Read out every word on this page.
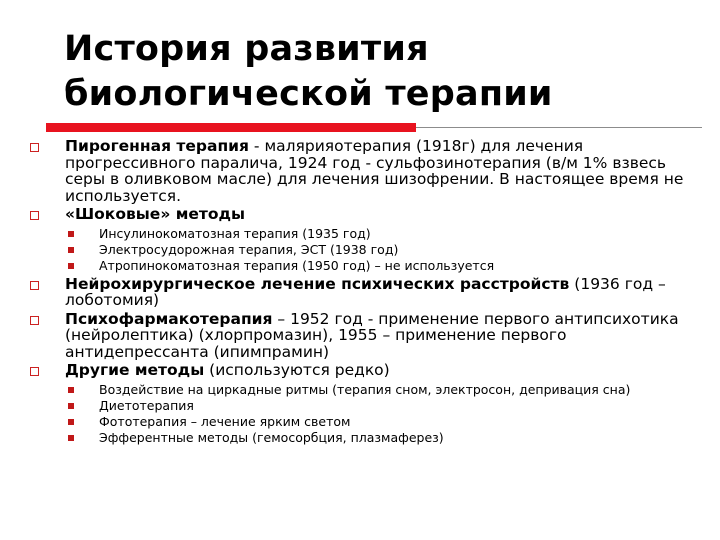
История развития
биологической терапии
Пирогенная терапия - малярияотерапия (1918г) для лечения прогрессивного паралича, 1924 год - сульфозинотерапия (в/м 1% взвесь серы в оливковом масле) для лечения шизофрении. В настоящее время не используется.
«Шоковые» методы
Инсулинокоматозная терапия (1935 год)
Электросудорожная терапия, ЭСТ (1938 год)
Атропинокоматозная терапия (1950 год) – не используется
Нейрохирургическое лечение психических расстройств (1936 год – лоботомия)
Психофармакотерапия – 1952 год - применение первого антипсихотика (нейролептика) (хлорпромазин), 1955 – применение первого антидепрессанта (ипимпрамин)
Другие методы (используются редко)
Воздействие на циркадные ритмы (терапия сном, электросон, депривация сна)
Диетотерапия
Фототерапия – лечение ярким светом
Эфферентные методы (гемосорбция, плазмаферез)
